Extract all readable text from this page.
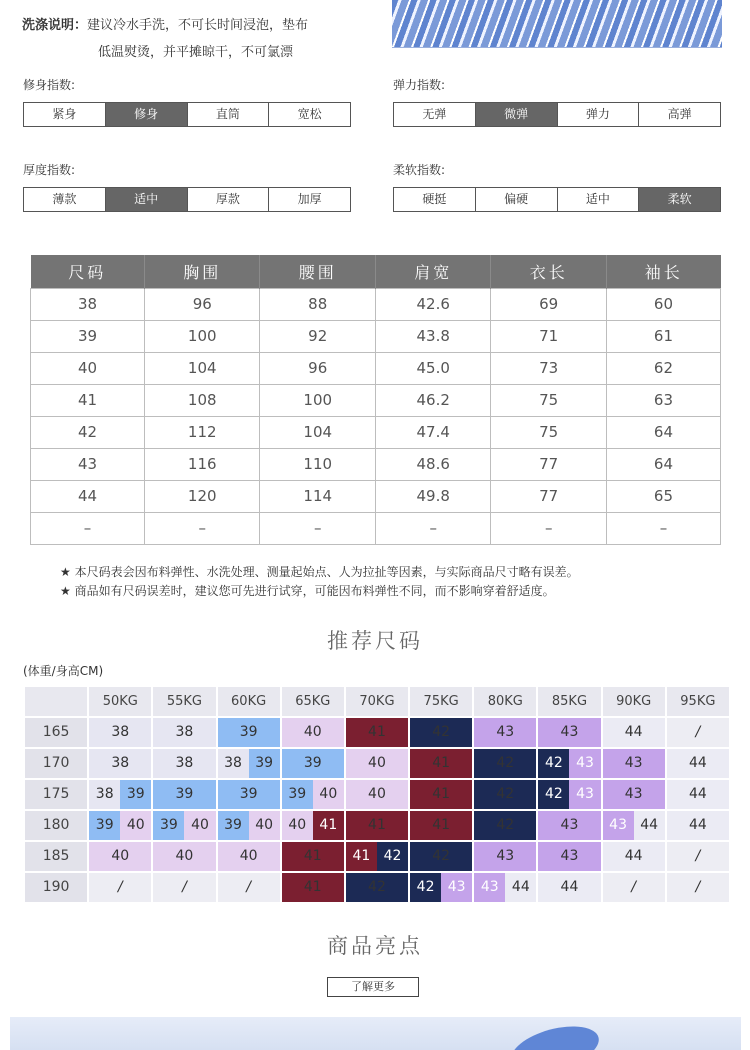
洗涤说明：建议冷水手洗，不可长时间浸泡，垫布
低温熨烫，并平摊晾干，不可氯漂
修身指数:
紧身	修身	直筒	宽松
弹力指数:
无弹	微弹	弹力	高弹
厚度指数:
薄款	适中	厚款	加厚
柔软指数:
硬挺	偏硬	适中	柔软
尺码	胸围	腰围	肩宽	衣长	袖长
38	96	88	42.6	69	60
39	100	92	43.8	71	61
40	104	96	45.0	73	62
41	108	100	46.2	75	63
42	112	104	47.4	75	64
43	116	110	48.6	77	64
44	120	114	49.8	77	65
–	–	–	–	–	–
★ 本尺码表会因布料弹性、水洗处理、测量起始点、人为拉扯等因素，与实际商品尺寸略有误差。
★ 商品如有尺码误差时，建议您可先进行试穿，可能因布料弹性不同，而不影响穿着舒适度。
推荐尺码
(体重/身高CM)
	50KG	55KG	60KG	65KG	70KG	75KG	80KG	85KG	90KG	95KG
165	38	38	39	40	41	42	43	43	44	/
170	38	38	38 39	39	40	41	42	42 43	43	44
175	38 39	39	39	39 40	40	41	42	42 43	43	44
180	39 40	39 40	39 40	40 41	41	41	42	43	43 44	44
185	40	40	40	41	41 42	42	43	43	44	/
190	/	/	/	41	42	42 43	43 44	44	/	/
商品亮点
了解更多
